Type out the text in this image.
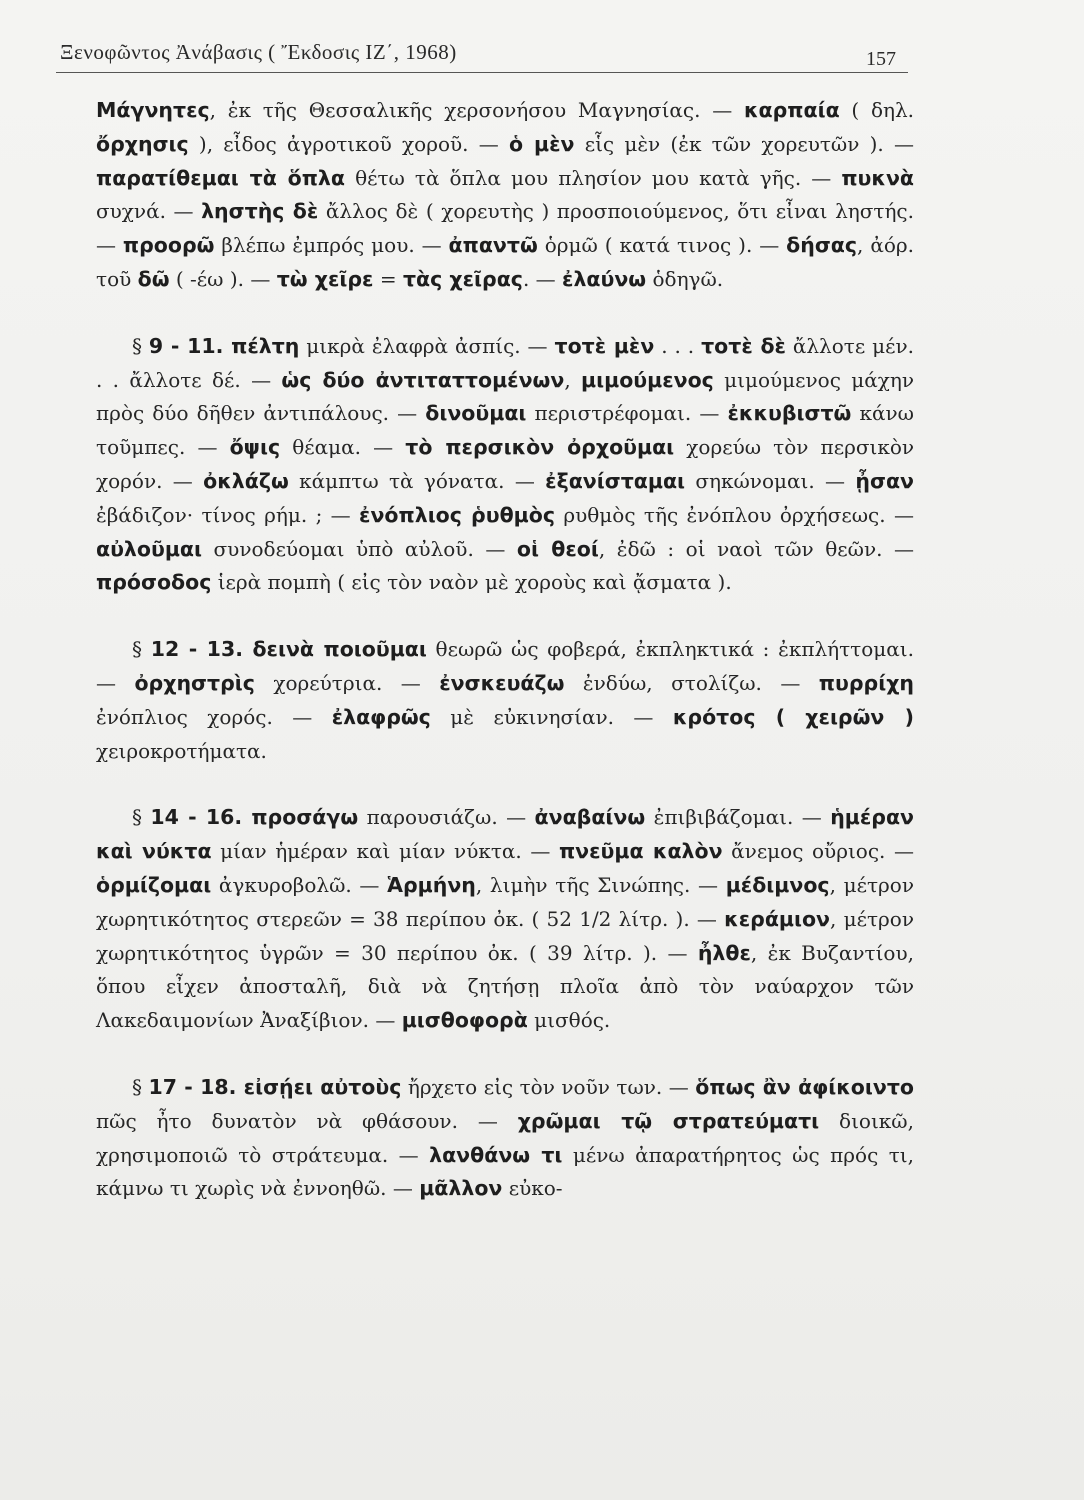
Ξενοφῶντος Ἀνάβασις ( Ἔκδοσις ΙΖ΄, 1968)	157

Μάγνητες, ἐκ τῆς Θεσσαλικῆς χερσονήσου Μαγνησίας. — καρπαία ( δηλ. ὄρχησις ), εἶδος ἀγροτικοῦ χοροῦ. — ὁ μὲν εἷς μὲν (ἐκ τῶν χορευτῶν ). — παρατίθεμαι τὰ ὅπλα θέτω τὰ ὅπλα μου πλησίον μου κατὰ γῆς. — πυκνὰ συχνά. — ληστὴς δὲ ἄλλος δὲ ( χορευτὴς ) προσποιούμενος, ὅτι εἶναι ληστής. — προορῶ βλέπω ἐμπρός μου. — ἀπαντῶ ὁρμῶ ( κατά τινος ). — δήσας, ἀόρ. τοῦ δῶ ( -έω ). — τὼ χεῖρε = τὰς χεῖρας. — ἐλαύνω ὁδηγῶ.

§ 9 - 11. πέλτη μικρὰ ἐλαφρὰ ἀσπίς. — τοτὲ μὲν . . . τοτὲ δὲ ἄλλοτε μέν. . . ἄλλοτε δέ. — ὡς δύο ἀντιταττομένων, μιμούμενος μιμούμενος μάχην πρὸς δύο δῆθεν ἀντιπάλους. — δινοῦμαι περιστρέφομαι. — ἐκκυβιστῶ κάνω τοῦμπες. — ὄψις θέαμα. — τὸ περσικὸν ὀρχοῦμαι χορεύω τὸν περσικὸν χορόν. — ὀκλάζω κάμπτω τὰ γόνατα. — ἐξανίσταμαι σηκώνομαι. — ᾖσαν ἐβάδιζον· τίνος ρήμ. ; — ἐνόπλιος ῥυθμὸς ρυθμὸς τῆς ἐνόπλου ὀρχήσεως. — αὐλοῦμαι συνοδεύομαι ὑπὸ αὐλοῦ. — οἱ θεοί, ἐδῶ : οἱ ναοὶ τῶν θεῶν. — πρόσοδος ἱερὰ πομπὴ ( εἰς τὸν ναὸν μὲ χοροὺς καὶ ᾄσματα ).

§ 12 - 13. δεινὰ ποιοῦμαι θεωρῶ ὡς φοβερά, ἐκπληκτικά : ἐκπλήττομαι. — ὀρχηστρὶς χορεύτρια. — ἐνσκευάζω ἐνδύω, στολίζω. — πυρρίχη ἐνόπλιος χορός. — ἐλαφρῶς μὲ εὐκινησίαν. — κρότος ( χειρῶν ) χειροκροτήματα.

§ 14 - 16. προσάγω παρουσιάζω. — ἀναβαίνω ἐπιβιβάζομαι. — ἡμέραν καὶ νύκτα μίαν ἡμέραν καὶ μίαν νύκτα. — πνεῦμα καλὸν ἄνεμος οὔριος. — ὁρμίζομαι ἀγκυροβολῶ. — Ἁρμήνη, λιμὴν τῆς Σινώπης. — μέδιμνος, μέτρον χωρητικότητος στερεῶν = 38 περίπου ὀκ. ( 52 1/2 λίτρ. ). — κεράμιον, μέτρον χωρητικότητος ὑγρῶν = 30 περίπου ὀκ. ( 39 λίτρ. ). — ἦλθε, ἐκ Βυζαντίου, ὅπου εἶχεν ἀποσταλῆ, διὰ νὰ ζητήσῃ πλοῖα ἀπὸ τὸν ναύαρχον τῶν Λακεδαιμονίων Ἀναξίβιον. — μισθοφορὰ μισθός.

§ 17 - 18. εἰσῄει αὐτοὺς ἤρχετο εἰς τὸν νοῦν των. — ὅπως ἂν ἀφίκοιντο πῶς ἦτο δυνατὸν νὰ φθάσουν. — χρῶμαι τῷ στρατεύματι διοικῶ, χρησιμοποιῶ τὸ στράτευμα. — λανθάνω τι μένω ἀπαρατήρητος ὡς πρός τι, κάμνω τι χωρὶς νὰ ἐννοηθῶ. — μᾶλλον εὐκο-
